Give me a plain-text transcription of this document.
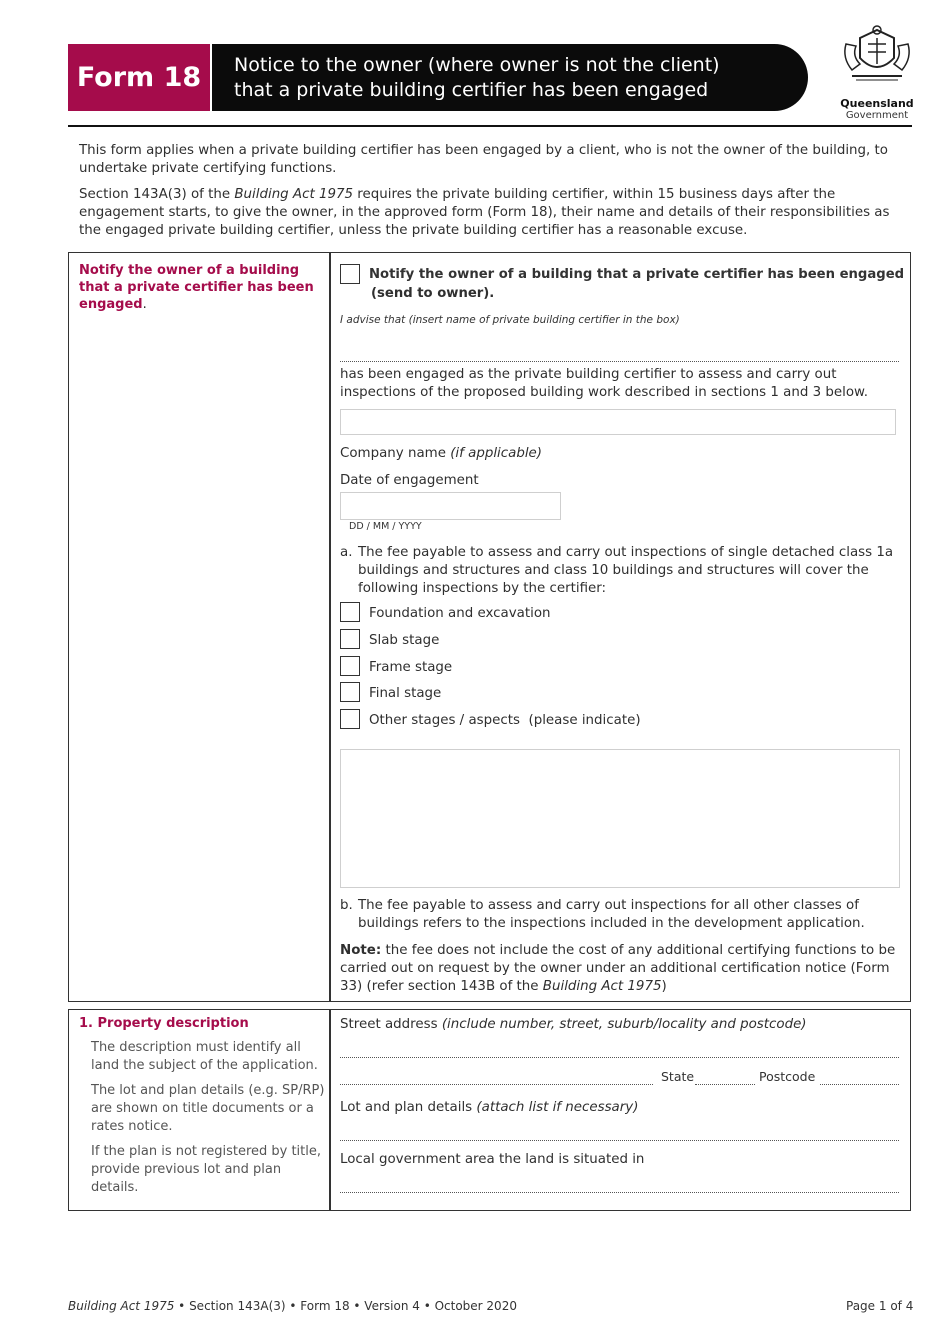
Form 18 Notice to the owner (where owner is not the client)
that a private building certifier has been engaged
Queensland
Government
This form applies when a private building certifier has been engaged by a client, who is not the owner of the building, to undertake private certifying functions.
Section 143A(3) of the Building Act 1975 requires the private building certifier, within 15 business days after the engagement starts, to give the owner, in the approved form (Form 18), their name and details of their responsibilities as the engaged private building certifier, unless the private building certifier has a reasonable excuse.
Notify the owner of a building that a private certifier has been engaged.
Notify the owner of a building that a private certifier has been engaged
(send to owner).
I advise that (insert name of private building certifier in the box)
has been engaged as the private building certifier to assess and carry out inspections of the proposed building work described in sections 1 and 3 below.
Company name (if applicable)
Date of engagement
DD / MM / YYYY
a. The fee payable to assess and carry out inspections of single detached class 1a buildings and structures and class 10 buildings and structures will cover the following inspections by the certifier:
Foundation and excavation
Slab stage
Frame stage
Final stage
Other stages / aspects  (please indicate)
b. The fee payable to assess and carry out inspections for all other classes of buildings refers to the inspections included in the development application.
Note: the fee does not include the cost of any additional certifying functions to be carried out on request by the owner under an additional certification notice (Form 33) (refer section 143B of the Building Act 1975)
1. Property description
The description must identify all land the subject of the application.
The lot and plan details (e.g. SP/RP) are shown on title documents or a rates notice.
If the plan is not registered by title, provide previous lot and plan details.
Street address (include number, street, suburb/locality and postcode)
State	Postcode
Lot and plan details (attach list if necessary)
Local government area the land is situated in
Building Act 1975 • Section 143A(3) • Form 18 • Version 4 • October 2020	Page 1 of 4
